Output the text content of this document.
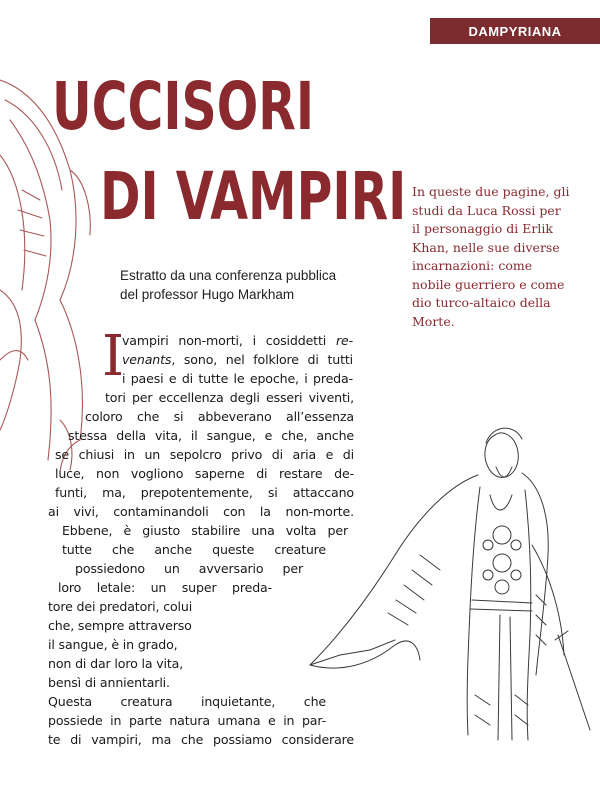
DAMPYRIANA
UCCISORI
DI VAMPIRI In queste due pagine, gli studi da Luca Rossi per il personaggio di Erlik Khan, nelle sue diverse incarnazioni: come nobile guerriero e come dio turco-altaico della Morte.
Estratto da una conferenza pubblica
del professor Hugo Markham
I
vampiri non-morti, i cosiddetti re-
venants, sono, nel folklore di tutti
i paesi e di tutte le epoche, i preda-
tori per eccellenza degli esseri viventi,
coloro che si abbeverano all’essenza
stessa della vita, il sangue, e che, anche
se chiusi in un sepolcro privo di aria e di
luce, non vogliono saperne di restare de-
funti, ma, prepotentemente, si attaccano
ai vivi, contaminandoli con la non-morte.
Ebbene, è giusto stabilire una volta per
tutte che anche queste creature
possiedono un avversario per
loro letale: un super preda-
tore dei predatori, colui
che, sempre attraverso
il sangue, è in grado,
non di dar loro la vita,
bensì di annientarli.
Questa creatura inquietante, che
possiede in parte natura umana e in par-
te di vampiri, ma che possiamo considerare
